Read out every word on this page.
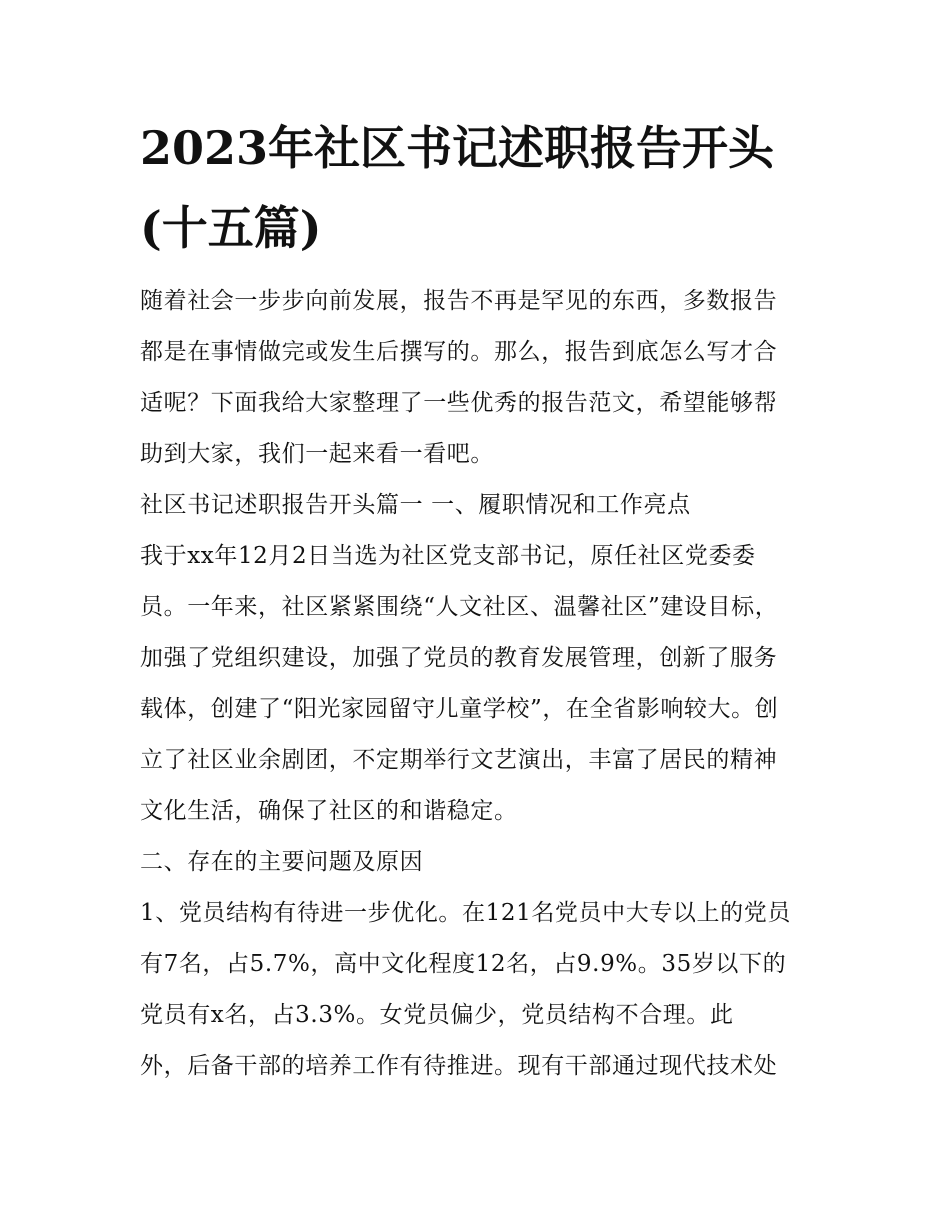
2023年社区书记述职报告开头
(十五篇)
随着社会一步步向前发展，报告不再是罕见的东西，多数报告
都是在事情做完或发生后撰写的。那么，报告到底怎么写才合
适呢？下面我给大家整理了一些优秀的报告范文，希望能够帮
助到大家，我们一起来看一看吧。
社区书记述职报告开头篇一 一、履职情况和工作亮点
我于xx年12月2日当选为社区党支部书记，原任社区党委委
员。一年来，社区紧紧围绕“人文社区、温馨社区”建设目标，
加强了党组织建设，加强了党员的教育发展管理，创新了服务
载体，创建了“阳光家园留守儿童学校”，在全省影响较大。创
立了社区业余剧团，不定期举行文艺演出，丰富了居民的精神
文化生活，确保了社区的和谐稳定。
二、存在的主要问题及原因
1、党员结构有待进一步优化。在121名党员中大专以上的党员
有7名，占5.7%，高中文化程度12名，占9.9%。35岁以下的
党员有x名，占3.3%。女党员偏少，党员结构不合理。此
外，后备干部的培养工作有待推进。现有干部通过现代技术处
